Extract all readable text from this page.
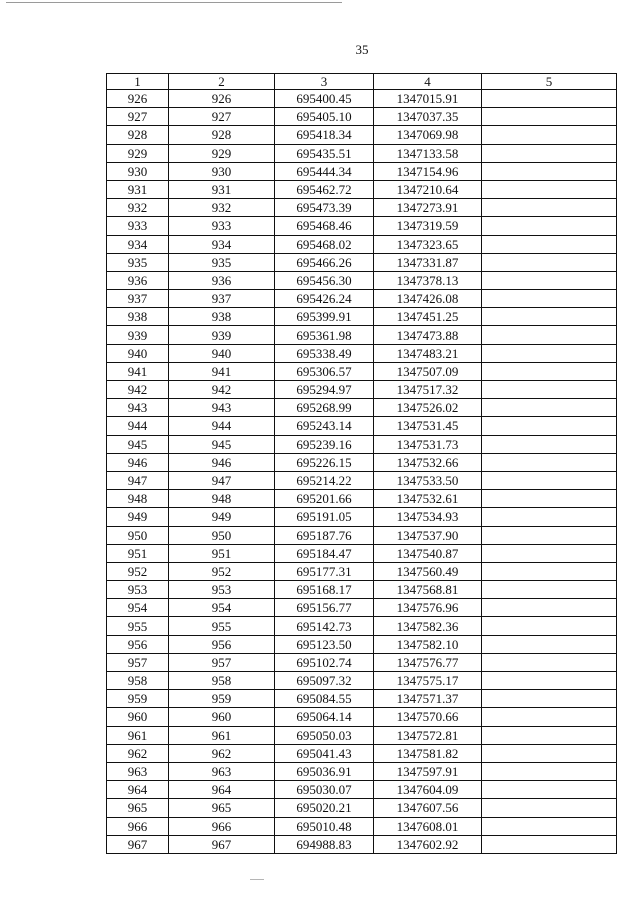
35
1	2	3	4	5
926	926	695400.45	1347015.91	
927	927	695405.10	1347037.35	
928	928	695418.34	1347069.98	
929	929	695435.51	1347133.58	
930	930	695444.34	1347154.96	
931	931	695462.72	1347210.64	
932	932	695473.39	1347273.91	
933	933	695468.46	1347319.59	
934	934	695468.02	1347323.65	
935	935	695466.26	1347331.87	
936	936	695456.30	1347378.13	
937	937	695426.24	1347426.08	
938	938	695399.91	1347451.25	
939	939	695361.98	1347473.88	
940	940	695338.49	1347483.21	
941	941	695306.57	1347507.09	
942	942	695294.97	1347517.32	
943	943	695268.99	1347526.02	
944	944	695243.14	1347531.45	
945	945	695239.16	1347531.73	
946	946	695226.15	1347532.66	
947	947	695214.22	1347533.50	
948	948	695201.66	1347532.61	
949	949	695191.05	1347534.93	
950	950	695187.76	1347537.90	
951	951	695184.47	1347540.87	
952	952	695177.31	1347560.49	
953	953	695168.17	1347568.81	
954	954	695156.77	1347576.96	
955	955	695142.73	1347582.36	
956	956	695123.50	1347582.10	
957	957	695102.74	1347576.77	
958	958	695097.32	1347575.17	
959	959	695084.55	1347571.37	
960	960	695064.14	1347570.66	
961	961	695050.03	1347572.81	
962	962	695041.43	1347581.82	
963	963	695036.91	1347597.91	
964	964	695030.07	1347604.09	
965	965	695020.21	1347607.56	
966	966	695010.48	1347608.01	
967	967	694988.83	1347602.92	
